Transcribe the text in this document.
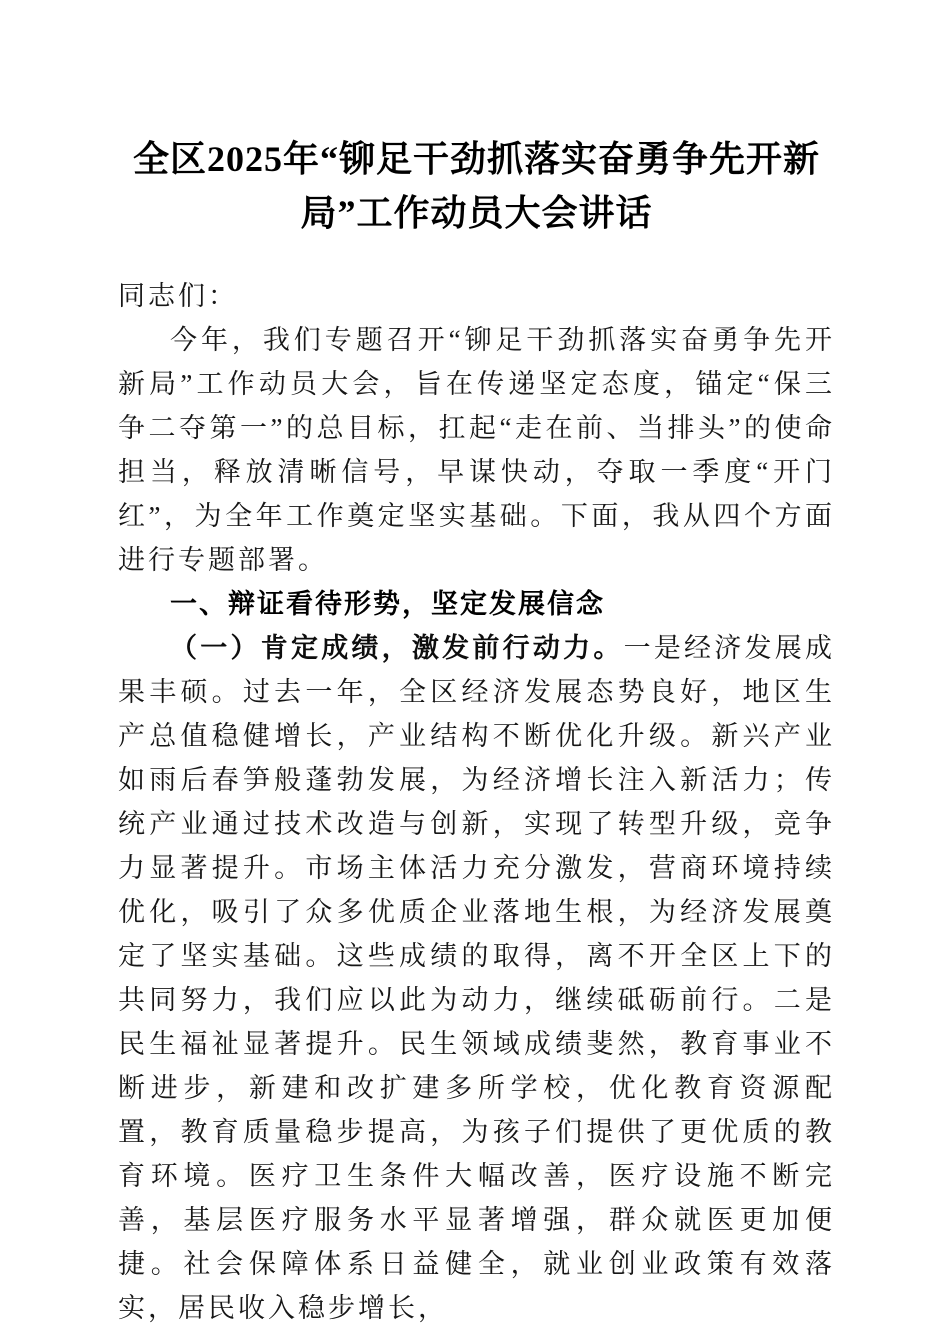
全区2025年“铆足干劲抓落实奋勇争先开新局”工作动员大会讲话

同志们：

今年，我们专题召开“铆足干劲抓落实奋勇争先开新局”工作动员大会，旨在传递坚定态度，锚定“保三争二夺第一”的总目标，扛起“走在前、当排头”的使命担当，释放清晰信号，早谋快动，夺取一季度“开门红”，为全年工作奠定坚实基础。下面，我从四个方面进行专题部署。

一、辩证看待形势，坚定发展信念

（一）肯定成绩，激发前行动力。一是经济发展成果丰硕。过去一年，全区经济发展态势良好，地区生产总值稳健增长，产业结构不断优化升级。新兴产业如雨后春笋般蓬勃发展，为经济增长注入新活力；传统产业通过技术改造与创新，实现了转型升级，竞争力显著提升。市场主体活力充分激发，营商环境持续优化，吸引了众多优质企业落地生根，为经济发展奠定了坚实基础。这些成绩的取得，离不开全区上下的共同努力，我们应以此为动力，继续砥砺前行。二是民生福祉显著提升。民生领域成绩斐然，教育事业不断进步，新建和改扩建多所学校，优化教育资源配置，教育质量稳步提高，为孩子们提供了更优质的教育环境。医疗卫生条件大幅改善，医疗设施不断完善，基层医疗服务水平显著增强，群众就医更加便捷。社会保障体系日益健全，就业创业政策有效落实，居民收入稳步增长，
